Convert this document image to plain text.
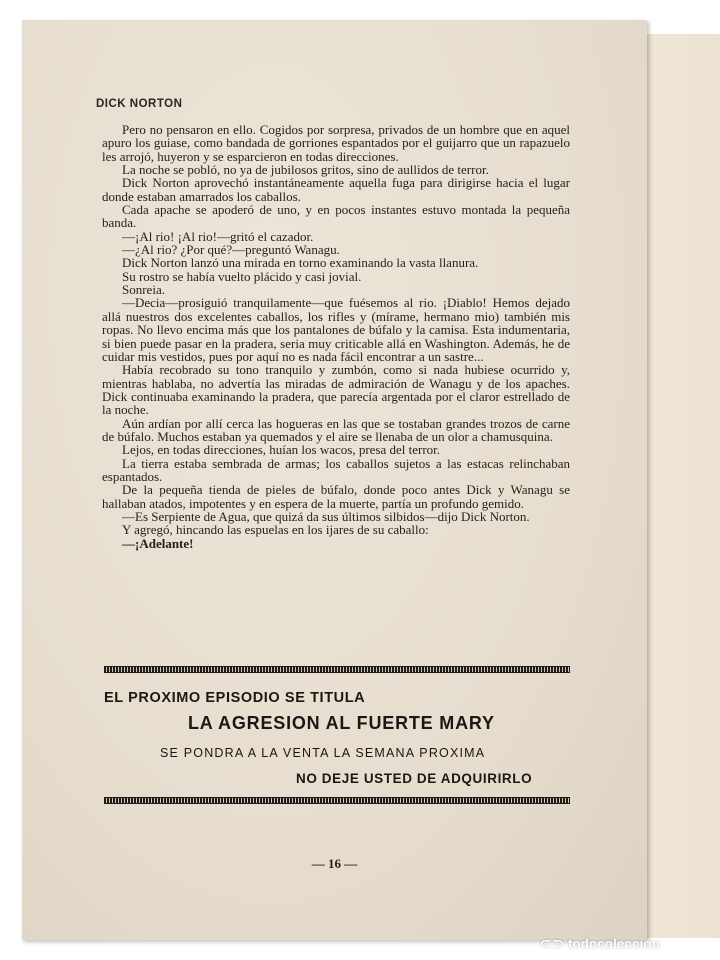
— 16 —
DICK NORTON

Pero no pensaron en ello. Cogidos por sorpresa, privados de un hombre que en aquel apuro los guiase, como bandada de gorriones espantados por el guijarro que un rapazuelo les arrojó, huyeron y se esparcieron en todas direcciones.

La noche se pobló, no ya de jubilosos gritos, sino de aullidos de terror.

Dick Norton aprovechó instantáneamente aquella fuga para dirigirse hacia el lugar donde estaban amarrados los caballos.

Cada apache se apoderó de uno, y en pocos instantes estuvo montada la pequeña banda.

—¡Al rio! ¡Al rio!—gritó el cazador.

—¿Al rio? ¿Por qué?—preguntó Wanagu.

Dick Norton lanzó una mirada en torno examinando la vasta llanura.

Su rostro se había vuelto plácido y casi jovial.

Sonreia.

—Decia—prosiguió tranquilamente—que fuésemos al rio. ¡Diablo! Hemos dejado allá nuestros dos excelentes caballos, los rifles y (mírame, hermano mio) también mis ropas. No llevo encima más que los pantalones de búfalo y la camisa. Esta indumentaria, si bien puede pasar en la pradera, seria muy criticable allá en Washington. Además, he de cuidar mis vestidos, pues por aquí no es nada fácil encontrar a un sastre...

Había recobrado su tono tranquilo y zumbón, como si nada hubiese ocurrido y, mientras hablaba, no advertía las miradas de admiración de Wanagu y de los apaches. Dick continuaba examinando la pradera, que parecía argentada por el claror estrellado de la noche.

Aún ardían por allí cerca las hogueras en las que se tostaban grandes trozos de carne de búfalo. Muchos estaban ya quemados y el aire se llenaba de un olor a chamusquina.

Lejos, en todas direcciones, huían los wacos, presa del terror.

La tierra estaba sembrada de armas; los caballos sujetos a las estacas relinchaban espantados.

De la pequeña tienda de pieles de búfalo, donde poco antes Dick y Wanagu se hallaban atados, impotentes y en espera de la muerte, partía un profundo gemido.

—Es Serpiente de Agua, que quizá da sus últimos silbidos—dijo Dick Norton.

Y agregó, hincando las espuelas en los ijares de su caballo:

—¡Adelante!

EL PROXIMO EPISODIO SE TITULA
LA AGRESION AL FUERTE MARY
SE PONDRA A LA VENTA LA SEMANA PROXIMA
NO DEJE USTED DE ADQUIRIRLO
⊂⊃ todocoleccion
